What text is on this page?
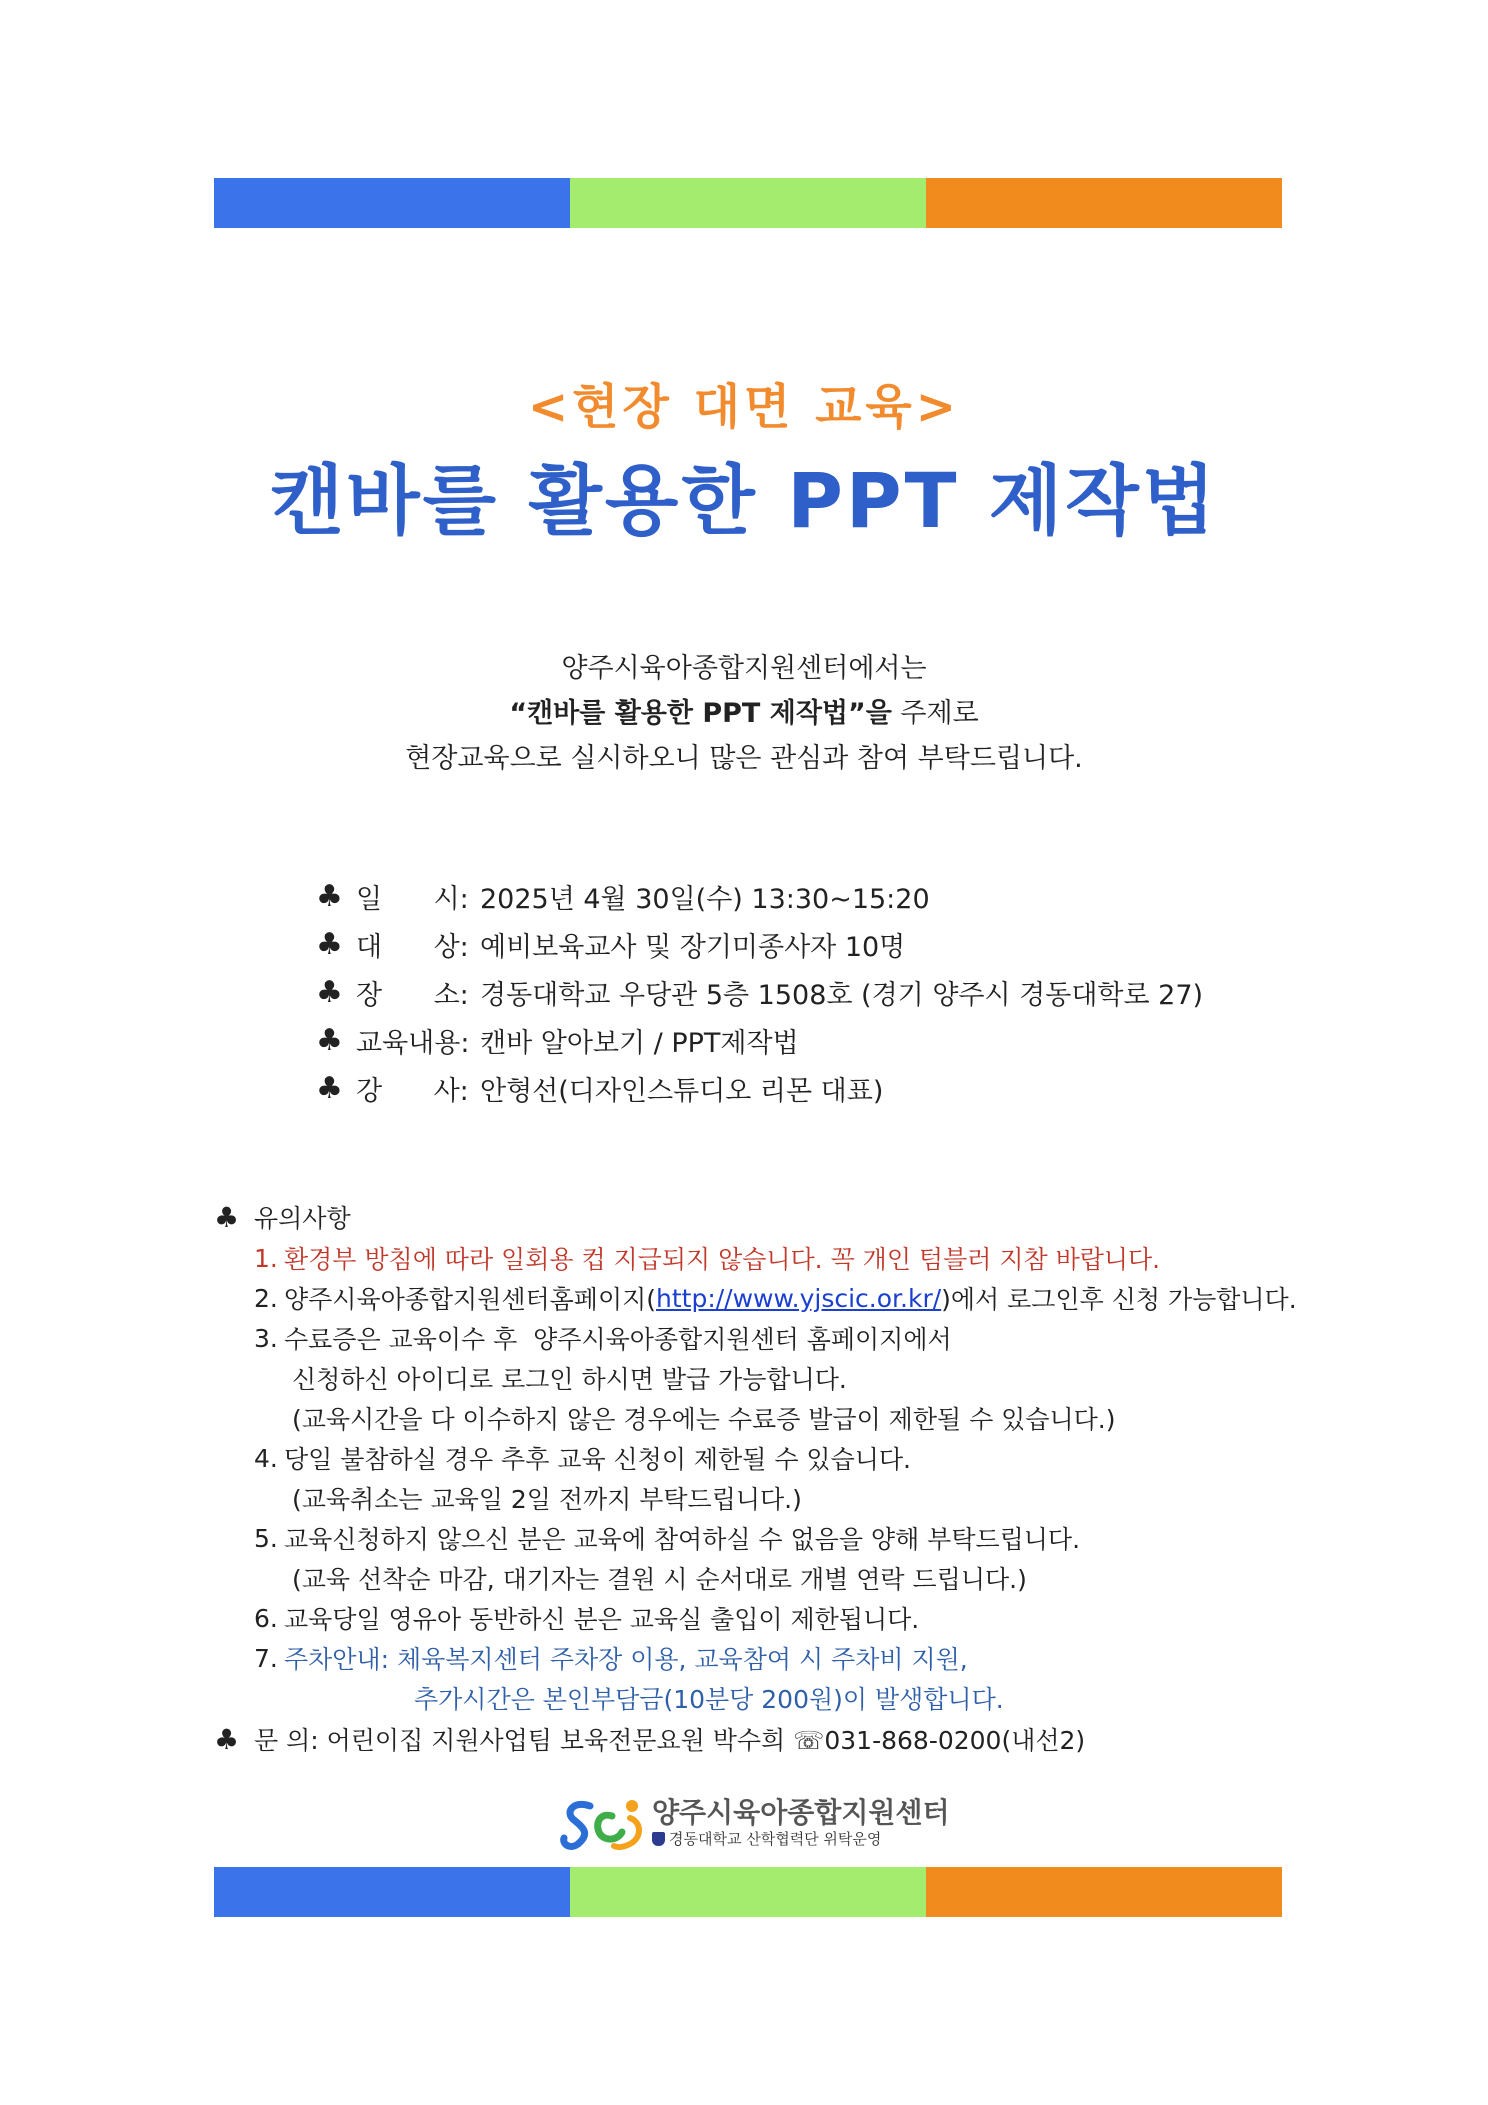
<현장 대면 교육>
캔바를 활용한 PPT 제작법
양주시육아종합지원센터에서는
“캔바를 활용한 PPT 제작법”을 주제로
현장교육으로 실시하오니 많은 관심과 참여 부탁드립니다.
♣ 일      시: 2025년 4월 30일(수) 13:30~15:20
♣ 대      상: 예비보육교사 및 장기미종사자 10명
♣ 장      소: 경동대학교 우당관 5층 1508호 (경기 양주시 경동대학로 27)
♣ 교육내용: 캔바 알아보기 / PPT제작법
♣ 강      사: 안형선(디자인스튜디오 리몬 대표)
♣ 유의사항
1. 환경부 방침에 따라 일회용 컵 지급되지 않습니다. 꼭 개인 텀블러 지참 바랍니다.
2. 양주시육아종합지원센터홈페이지( http://www.yjscic.or.kr/ )에서 로그인후 신청 가능합니다.
3. 수료증은 교육이수 후  양주시육아종합지원센터 홈페이지에서
신청하신 아이디로 로그인 하시면 발급 가능합니다.
(교육시간을 다 이수하지 않은 경우에는 수료증 발급이 제한될 수 있습니다.)
4. 당일 불참하실 경우 추후 교육 신청이 제한될 수 있습니다.
(교육취소는 교육일 2일 전까지 부탁드립니다.)
5. 교육신청하지 않으신 분은 교육에 참여하실 수 없음을 양해 부탁드립니다.
(교육 선착순 마감, 대기자는 결원 시 순서대로 개별 연락 드립니다.)
6. 교육당일 영유아 동반하신 분은 교육실 출입이 제한됩니다.
7. 주차안내: 체육복지센터 주차장 이용, 교육참여 시 주차비 지원,
추가시간은 본인부담금(10분당 200원)이 발생합니다.
♣ 문 의: 어린이집 지원사업팀 보육전문요원 박수희 ☏031-868-0200(내선2)
양주시육아종합지원센터
경동대학교 산학협력단 위탁운영
